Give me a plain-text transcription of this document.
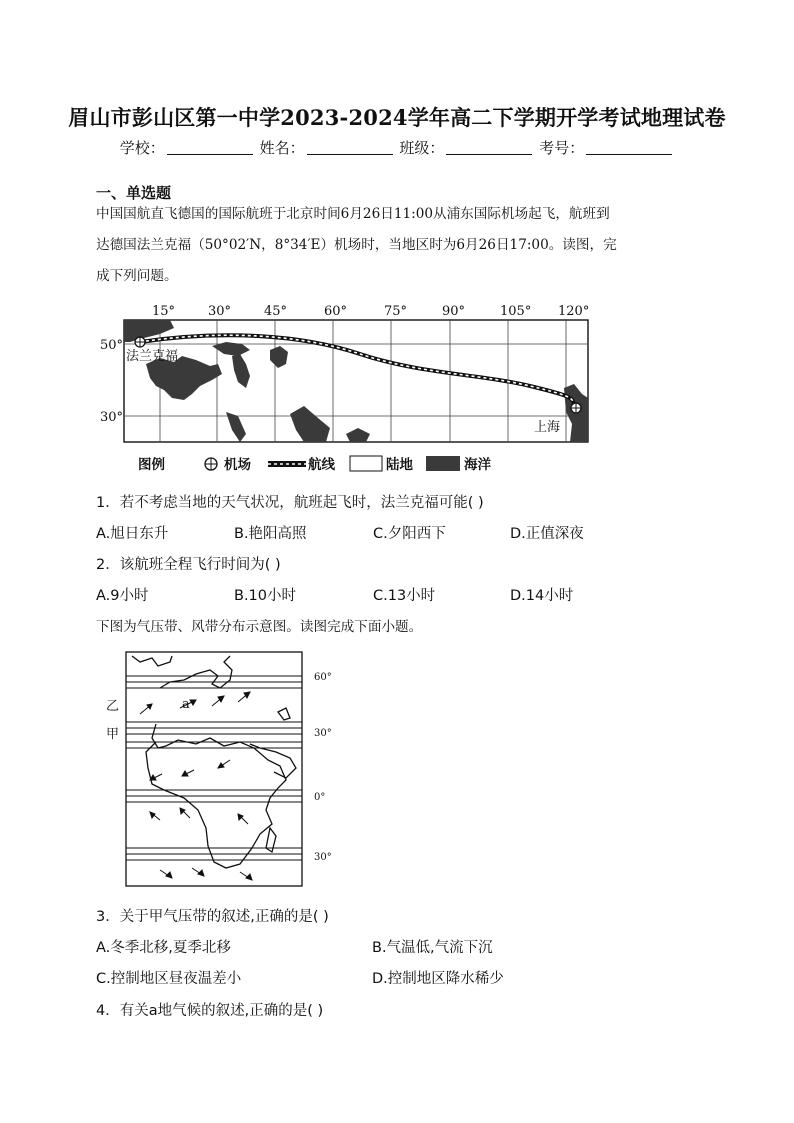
眉山市彭山区第一中学2023-2024学年高二下学期开学考试地理试卷
学校：	姓名：	班级：	考号：
一、单选题
中国国航直飞德国的国际航班于北京时间6月26日11:00从浦东国际机场起飞，航班到
达德国法兰克福（50°02′N，8°34′E）机场时，当地区时为6月26日17:00。读图，完
成下列问题。
15°	30°	45°	60°	75°	90°	105° 120°
50°
30°
法兰克福
上海
图例	机场	航线	陆地	海洋
1．若不考虑当地的天气状况，航班起飞时，法兰克福可能( )
A.旭日东升	B.艳阳高照	C.夕阳西下	D.正值深夜
2．该航班全程飞行时间为( )
A.9小时	B.10小时	C.13小时	D.14小时
下图为气压带、风带分布示意图。读图完成下面小题。
a
60°
30°
0°
30°
乙
甲
3．关于甲气压带的叙述,正确的是( )
A.冬季北移,夏季北移	B.气温低,气流下沉
C.控制地区昼夜温差小	D.控制地区降水稀少
4．有关a地气候的叙述,正确的是( )
